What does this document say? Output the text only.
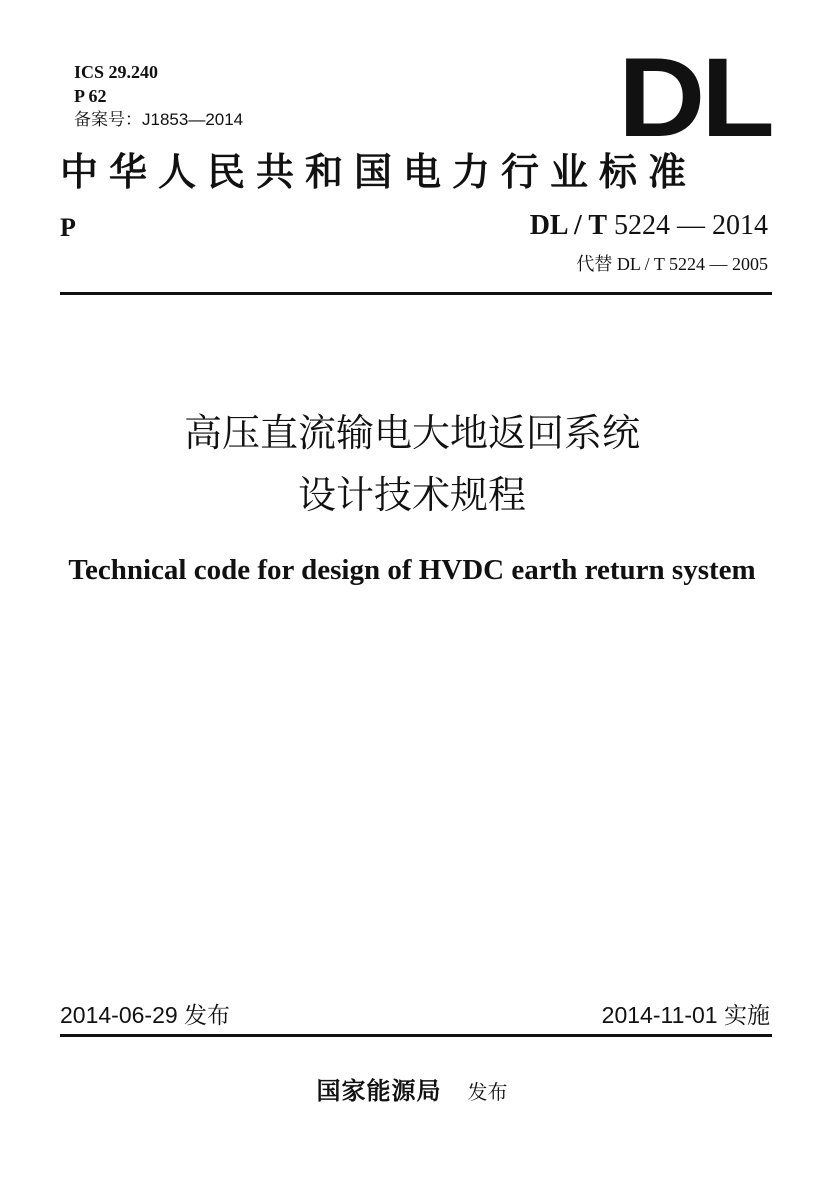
ICS 29.240
P 62
备案号：J1853—2014	DL
中华人民共和国电力行业标准
P	DL / T 5224 — 2014
代替 DL / T 5224 — 2005
高压直流输电大地返回系统
设计技术规程
Technical code for design of HVDC earth return system
2014-06-29 发布	2014-11-01 实施
国家能源局 发布
